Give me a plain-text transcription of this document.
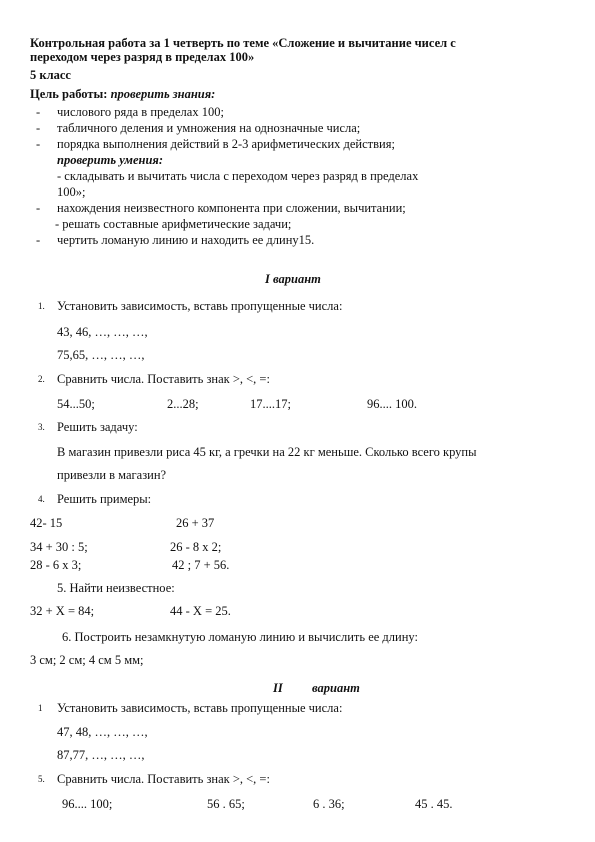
Контрольная работа за 1 четверть по теме «Сложение и вычитание чисел с
переходом через разряд в пределах 100»
5 класс
Цель работы: проверить знания:
- числового ряда в пределах 100;
- табличного деления и умножения на однозначные числа;
- порядка выполнения действий в 2-3 арифметических действия;
проверить умения:
- складывать и вычитать числа с переходом через разряд в пределах
100»;
- нахождения неизвестного компонента при сложении, вычитании;
- решать составные арифметические задачи;
- чертить ломаную линию и находить ее длину15.
I вариант
1. Установить зависимость, вставь пропущенные числа:
43, 46, …, …, …,
75,65, …, …, …,
2. Сравнить числа. Поставить знак >, <, =:
54...50;	2...28;	17....17;	96.... 100.
3. Решить задачу:
В магазин привезли риса 45 кг, а гречки на 22 кг меньше. Сколько всего крупы
привезли в магазин?
4. Решить примеры:
42- 15	26 + 37
34 + 30 : 5;	26 - 8 х 2;
28 - 6 х 3;	42 ; 7 + 56.
5. Найти неизвестное:
32 + Х = 84;	44 - Х = 25.
6. Построить незамкнутую ломаную линию и вычислить ее длину:
3 см; 2 см; 4 см 5 мм;
II вариант
1 Установить зависимость, вставь пропущенные числа:
47, 48, …, …, …,
87,77, …, …, …,
5. Сравнить числа. Поставить знак >, <, =:
96.... 100;	56 . 65;	6 . 36;	45 . 45.
